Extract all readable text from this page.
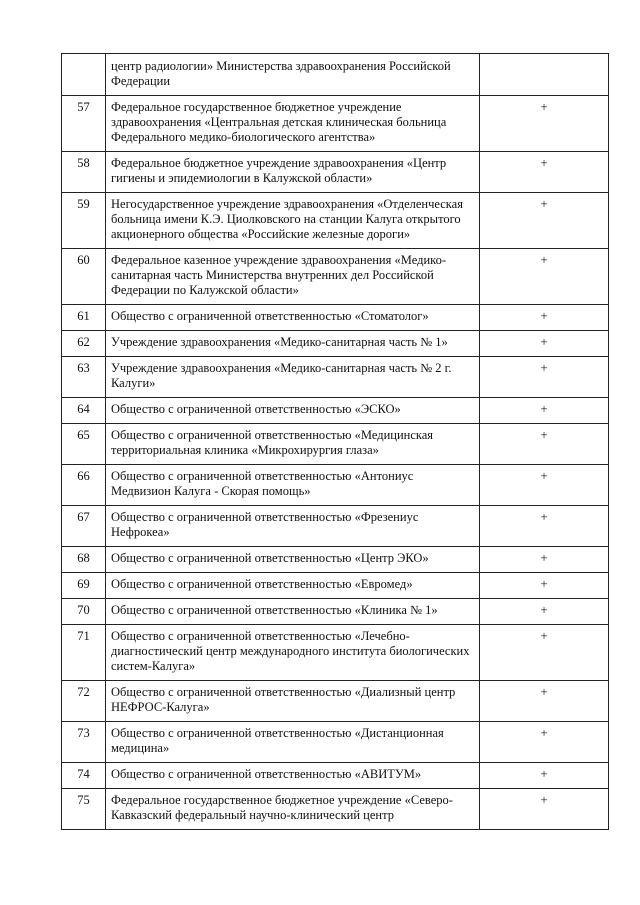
	центр радиологии» Министерства здравоохранения Российской Федерации	
57	Федеральное государственное бюджетное учреждение здравоохранения «Центральная детская клиническая больница Федерального медико-биологического агентства»	+
58	Федеральное бюджетное учреждение здравоохранения «Центр гигиены и эпидемиологии в Калужской области»	+
59	Негосударственное учреждение здравоохранения «Отделенческая больница имени К.Э. Циолковского на станции Калуга открытого акционерного общества «Российские железные дороги»	+
60	Федеральное казенное учреждение здравоохранения «Медико-санитарная часть Министерства внутренних дел Российской Федерации по Калужской области»	+
61	Общество с ограниченной ответственностью «Стоматолог»	+
62	Учреждение здравоохранения «Медико-санитарная часть № 1»	+
63	Учреждение здравоохранения «Медико-санитарная часть № 2 г. Калуги»	+
64	Общество с ограниченной ответственностью «ЭСКО»	+
65	Общество с ограниченной ответственностью «Медицинская территориальная клиника «Микрохирургия глаза»	+
66	Общество с ограниченной ответственностью «Антониус Медвизион Калуга - Скорая помощь»	+
67	Общество с ограниченной ответственностью «Фрезениус Нефрокеа»	+
68	Общество с ограниченной ответственностью «Центр ЭКО»	+
69	Общество с ограниченной ответственностью «Евромед»	+
70	Общество с ограниченной ответственностью «Клиника № 1»	+
71	Общество с ограниченной ответственностью «Лечебно-диагностический центр международного института биологических систем-Калуга»	+
72	Общество с ограниченной ответственностью «Диализный центр НЕФРОС-Калуга»	+
73	Общество с ограниченной ответственностью «Дистанционная медицина»	+
74	Общество с ограниченной ответственностью «АВИТУМ»	+
75	Федеральное государственное бюджетное учреждение «Северо-Кавказский федеральный научно-клинический центр	+
